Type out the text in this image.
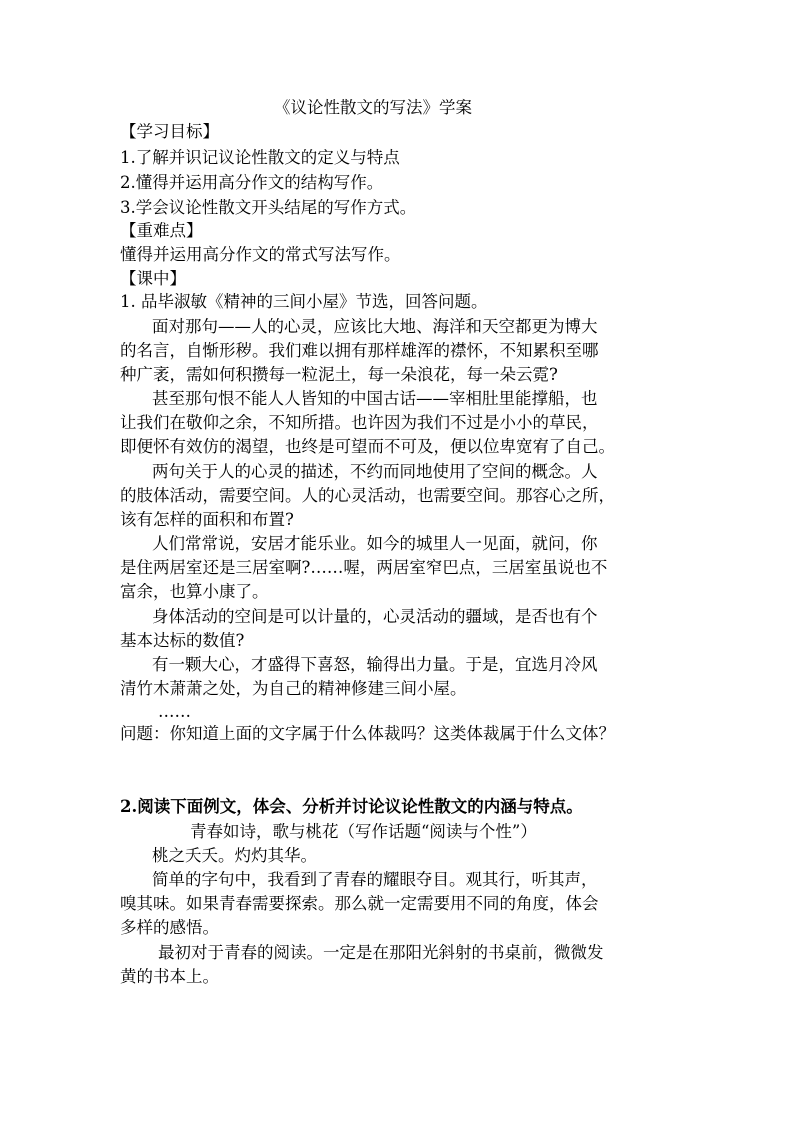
《议论性散文的写法》学案
【学习目标】
1.了解并识记议论性散文的定义与特点
2.懂得并运用高分作文的结构写作。
3.学会议论性散文开头结尾的写作方式。
【重难点】
懂得并运用高分作文的常式写法写作。
【课中】
1. 品毕淑敏《精神的三间小屋》节选，回答问题。
面对那句——人的心灵，应该比大地、海洋和天空都更为博大
的名言，自惭形秽。我们难以拥有那样雄浑的襟怀，不知累积至哪
种广袤，需如何积攒每一粒泥土，每一朵浪花，每一朵云霓?
甚至那句恨不能人人皆知的中国古话——宰相肚里能撑船，也
让我们在敬仰之余，不知所措。也许因为我们不过是小小的草民，
即便怀有效仿的渴望，也终是可望而不可及，便以位卑宽宥了自己。
两句关于人的心灵的描述，不约而同地使用了空间的概念。人
的肢体活动，需要空间。人的心灵活动，也需要空间。那容心之所，
该有怎样的面积和布置?
人们常常说，安居才能乐业。如今的城里人一见面，就问，你
是住两居室还是三居室啊?……喔，两居室窄巴点，三居室虽说也不
富余，也算小康了。
身体活动的空间是可以计量的，心灵活动的疆域，是否也有个
基本达标的数值?
有一颗大心，才盛得下喜怒，输得出力量。于是，宜选月冷风
清竹木萧萧之处，为自己的精神修建三间小屋。
……
问题：你知道上面的文字属于什么体裁吗？这类体裁属于什么文体？
2.阅读下面例文，体会、分析并讨论议论性散文的内涵与特点。
青春如诗，歌与桃花（写作话题“阅读与个性”）
桃之夭夭。灼灼其华。
简单的字句中，我看到了青春的耀眼夺目。观其行，听其声，
嗅其味。如果青春需要探索。那么就一定需要用不同的角度，体会
多样的感悟。
最初对于青春的阅读。一定是在那阳光斜射的书桌前，微微发
黄的书本上。
